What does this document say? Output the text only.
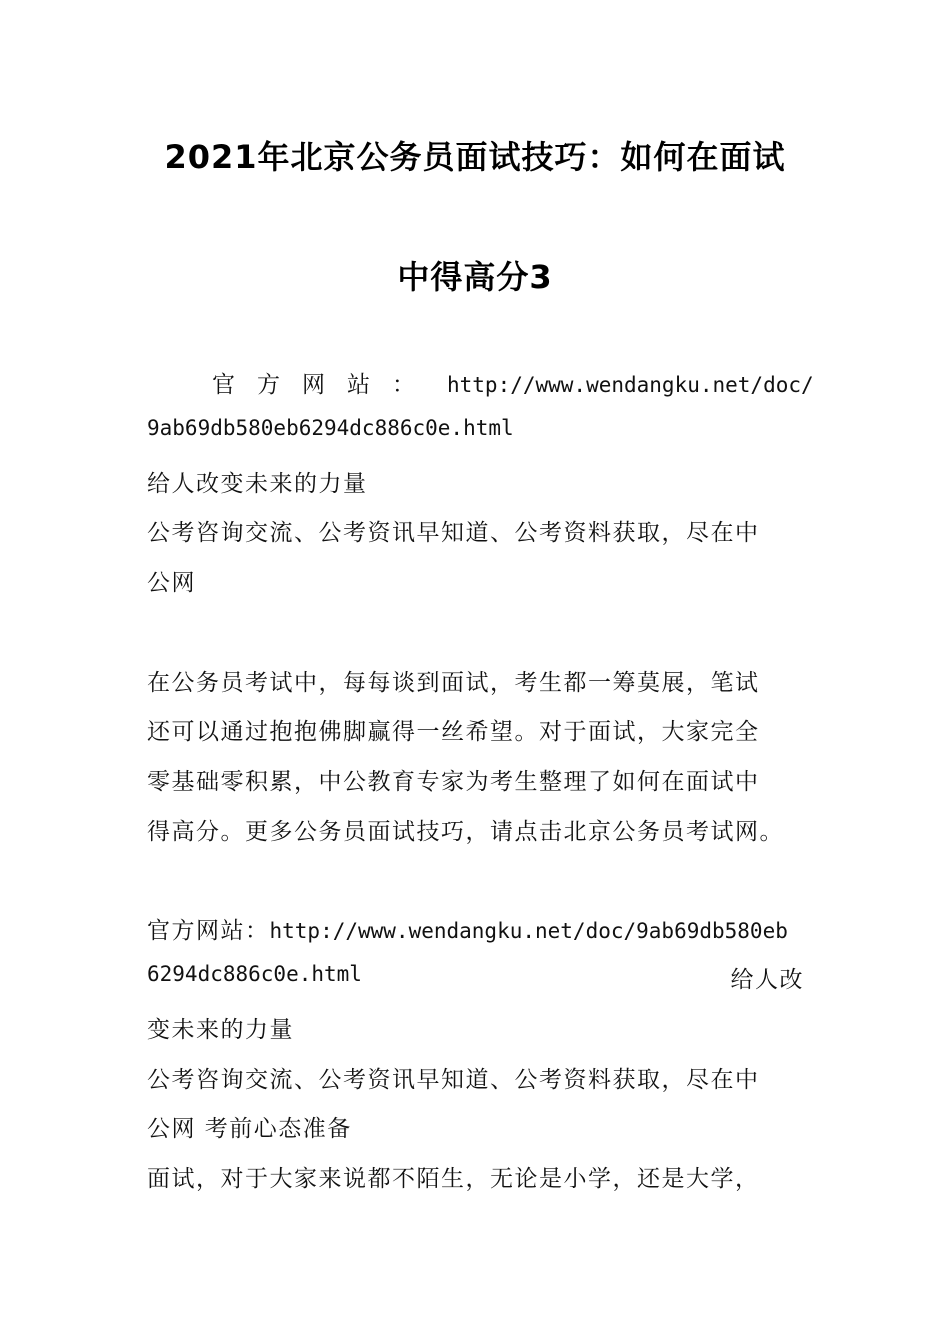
2021年北京公务员面试技巧：如何在面试
中得高分3
官方网站： http://www.wendangku.net/doc/
9ab69db580eb6294dc886c0e.html
给人改变未来的力量
公考咨询交流、公考资讯早知道、公考资料获取，尽在中
公网
在公务员考试中，每每谈到面试，考生都一筹莫展，笔试
还可以通过抱抱佛脚赢得一丝希望。对于面试，大家完全
零基础零积累，中公教育专家为考生整理了如何在面试中
得高分。更多公务员面试技巧，请点击北京公务员考试网。
官方网站：http://www.wendangku.net/doc/9ab69db580eb
6294dc886c0e.html	给人改
变未来的力量
公考咨询交流、公考资讯早知道、公考资料获取，尽在中
公网 考前心态准备
面试，对于大家来说都不陌生，无论是小学，还是大学，
